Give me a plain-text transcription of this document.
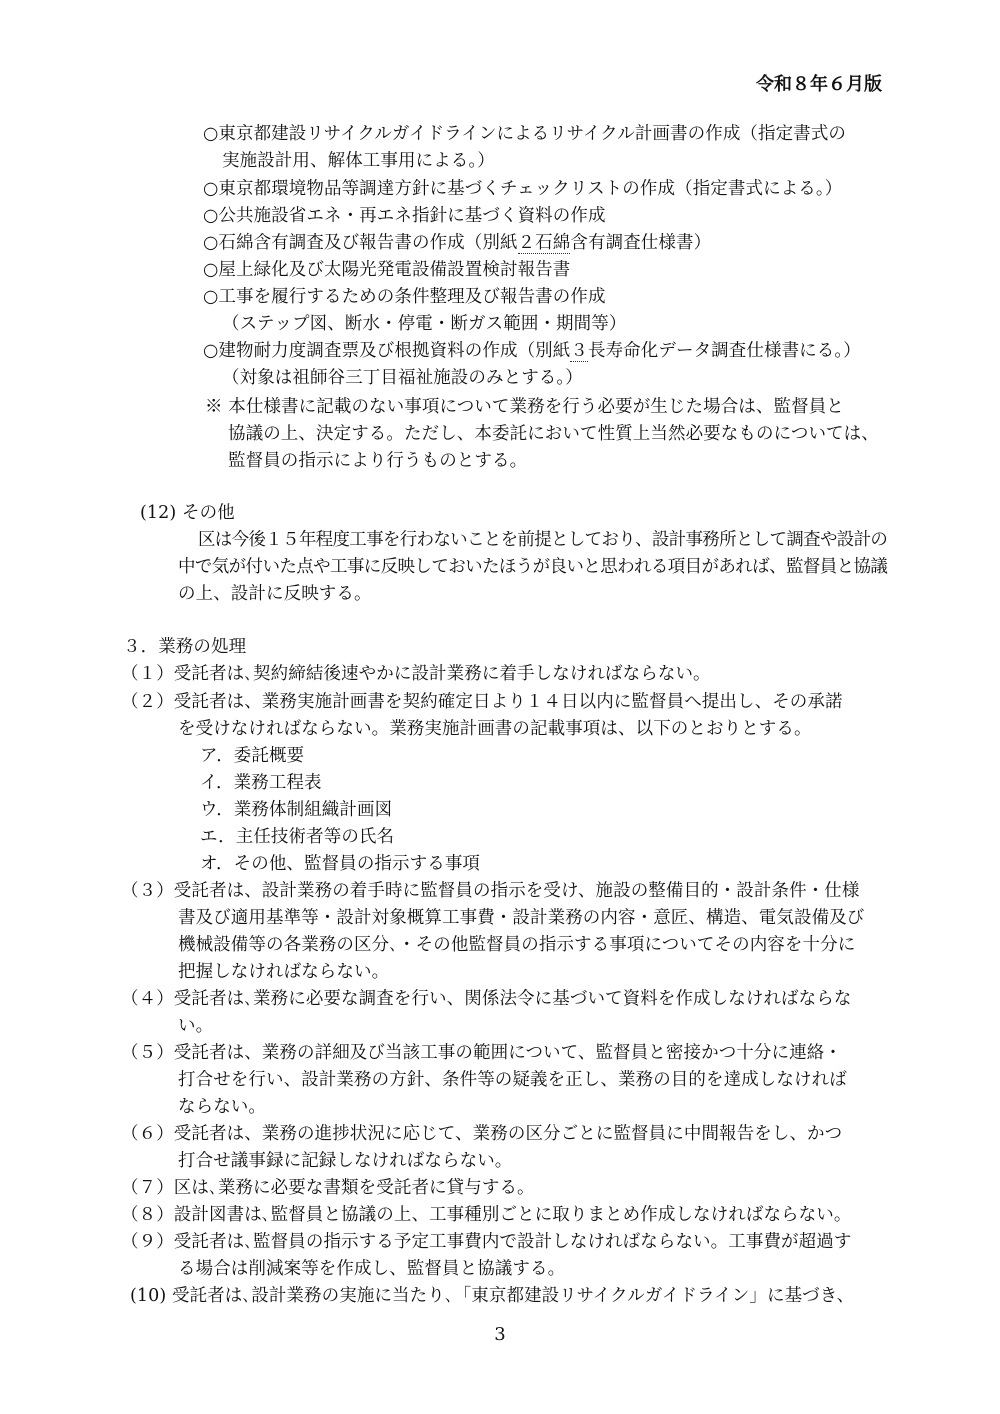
令和８年６月版
○東京都建設リサイクルガイドラインによるリサイクル計画書の作成（指定書式の
実施設計用、解体工事用による。）
○東京都環境物品等調達方針に基づくチェックリストの作成（指定書式による。）
○公共施設省エネ・再エネ指針に基づく資料の作成
○石綿含有調査及び報告書の作成（別紙２石綿含有調査仕様書）
○屋上緑化及び太陽光発電設備設置検討報告書
○工事を履行するための条件整理及び報告書の作成
（ステップ図、断水・停電・断ガス範囲・期間等）
○建物耐力度調査票及び根拠資料の作成（別紙３長寿命化データ調査仕様書にる。）
（対象は祖師谷三丁目福祉施設のみとする。）
※ 本仕様書に記載のない事項について業務を行う必要が生じた場合は、監督員と
協議の上、決定する。ただし、本委託において性質上当然必要なものについては、
監督員の指示により行うものとする。
(12) その他
区は今後１５年程度工事を行わないことを前提としており、設計事務所として調査や設計の
中で気が付いた点や工事に反映しておいたほうが良いと思われる項目があれば、監督員と協議
の上、設計に反映する。
３．業務の処理
（１）受託者は､契約締結後速やかに設計業務に着手しなければならない。
（２）受託者は、業務実施計画書を契約確定日より１４日以内に監督員へ提出し、その承諾
を受けなければならない。業務実施計画書の記載事項は、以下のとおりとする。
ア．委託概要
イ．業務工程表
ウ．業務体制組織計画図
エ．主任技術者等の氏名
オ．その他、監督員の指示する事項
（３）受託者は、設計業務の着手時に監督員の指示を受け、施設の整備目的・設計条件・仕様
書及び適用基準等・設計対象概算工事費・設計業務の内容・意匠、構造、電気設備及び
機械設備等の各業務の区分､・その他監督員の指示する事項についてその内容を十分に
把握しなければならない。
（４）受託者は､業務に必要な調査を行い、関係法令に基づいて資料を作成しなければならな
い。
（５）受託者は、業務の詳細及び当該工事の範囲について、監督員と密接かつ十分に連絡・
打合せを行い、設計業務の方針、条件等の疑義を正し、業務の目的を達成しなければ
ならない。
（６）受託者は、業務の進捗状況に応じて、業務の区分ごとに監督員に中間報告をし、かつ
打合せ議事録に記録しなければならない。
（７）区は､業務に必要な書類を受託者に貸与する。
（８）設計図書は､監督員と協議の上、工事種別ごとに取りまとめ作成しなければならない。
（９）受託者は､監督員の指示する予定工事費内で設計しなければならない。工事費が超過す
る場合は削減案等を作成し、監督員と協議する。
(10) 受託者は､設計業務の実施に当たり､「東京都建設リサイクルガイドライン」に基づき、
3
